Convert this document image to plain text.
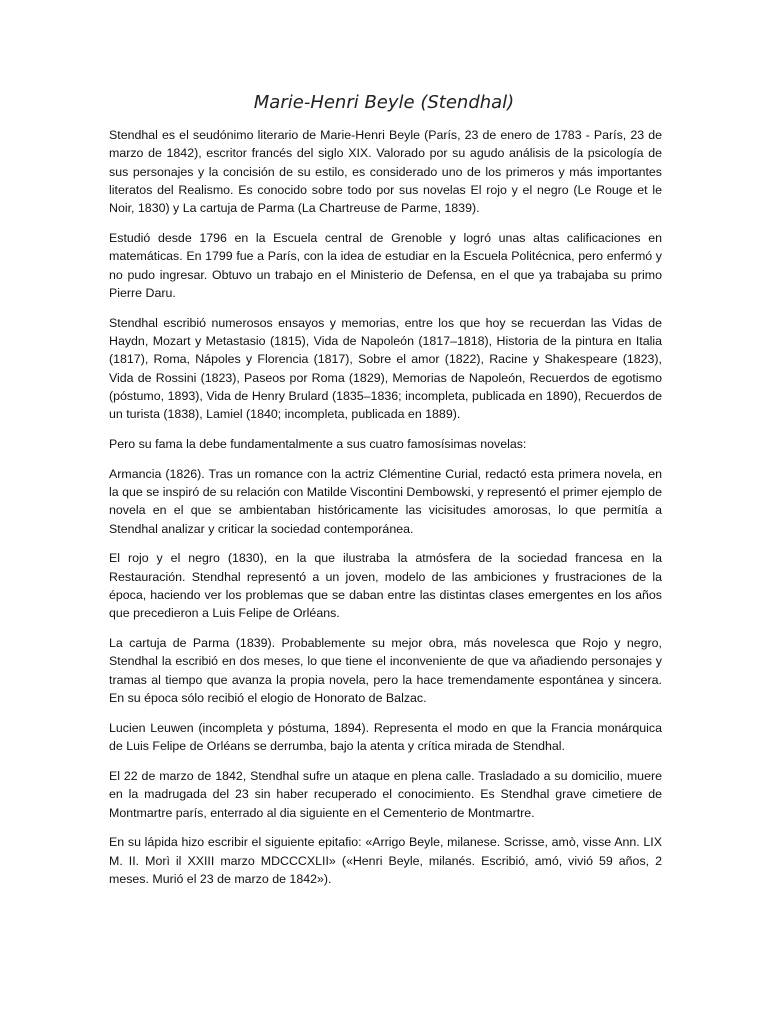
Marie-Henri Beyle (Stendhal)

Stendhal es el seudónimo literario de Marie-Henri Beyle (París, 23 de enero de 1783 - París, 23 de marzo de 1842), escritor francés del siglo XIX. Valorado por su agudo análisis de la psicología de sus personajes y la concisión de su estilo, es considerado uno de los primeros y más importantes literatos del Realismo. Es conocido sobre todo por sus novelas El rojo y el negro (Le Rouge et le Noir, 1830) y La cartuja de Parma (La Chartreuse de Parme, 1839).

Estudió desde 1796 en la Escuela central de Grenoble y logró unas altas calificaciones en matemáticas. En 1799 fue a París, con la idea de estudiar en la Escuela Politécnica, pero enfermó y no pudo ingresar. Obtuvo un trabajo en el Ministerio de Defensa, en el que ya trabajaba su primo Pierre Daru.

Stendhal escribió numerosos ensayos y memorias, entre los que hoy se recuerdan las Vidas de Haydn, Mozart y Metastasio (1815), Vida de Napoleón (1817–1818), Historia de la pintura en Italia (1817), Roma, Nápoles y Florencia (1817), Sobre el amor (1822), Racine y Shakespeare (1823), Vida de Rossini (1823), Paseos por Roma (1829), Memorias de Napoleón, Recuerdos de egotismo (póstumo, 1893), Vida de Henry Brulard (1835–1836; incompleta, publicada en 1890), Recuerdos de un turista (1838), Lamiel (1840; incompleta, publicada en 1889).

Pero su fama la debe fundamentalmente a sus cuatro famosísimas novelas:

Armancia (1826). Tras un romance con la actriz Clémentine Curial, redactó esta primera novela, en la que se inspiró de su relación con Matilde Viscontini Dembowski, y representó el primer ejemplo de novela en el que se ambientaban históricamente las vicisitudes amorosas, lo que permitía a Stendhal analizar y criticar la sociedad contemporánea.

El rojo y el negro (1830), en la que ilustraba la atmósfera de la sociedad francesa en la Restauración. Stendhal representó a un joven, modelo de las ambiciones y frustraciones de la época, haciendo ver los problemas que se daban entre las distintas clases emergentes en los años que precedieron a Luis Felipe de Orléans.

La cartuja de Parma (1839). Probablemente su mejor obra, más novelesca que Rojo y negro, Stendhal la escribió en dos meses, lo que tiene el inconveniente de que va añadiendo personajes y tramas al tiempo que avanza la propia novela, pero la hace tremendamente espontánea y sincera. En su época sólo recibió el elogio de Honorato de Balzac.

Lucien Leuwen (incompleta y póstuma, 1894). Representa el modo en que la Francia monárquica de Luis Felipe de Orléans se derrumba, bajo la atenta y crítica mirada de Stendhal.

El 22 de marzo de 1842, Stendhal sufre un ataque en plena calle. Trasladado a su domicilio, muere en la madrugada del 23 sin haber recuperado el conocimiento. Es Stendhal grave cimetiere de Montmartre parís, enterrado al dia siguiente en el Cementerio de Montmartre.

En su lápida hizo escribir el siguiente epitafio: «Arrigo Beyle, milanese. Scrisse, amò, visse Ann. LIX M. II. Morì il XXIII marzo MDCCCXLII» («Henri Beyle, milanés. Escribió, amó, vivió 59 años, 2 meses. Murió el 23 de marzo de 1842»).
